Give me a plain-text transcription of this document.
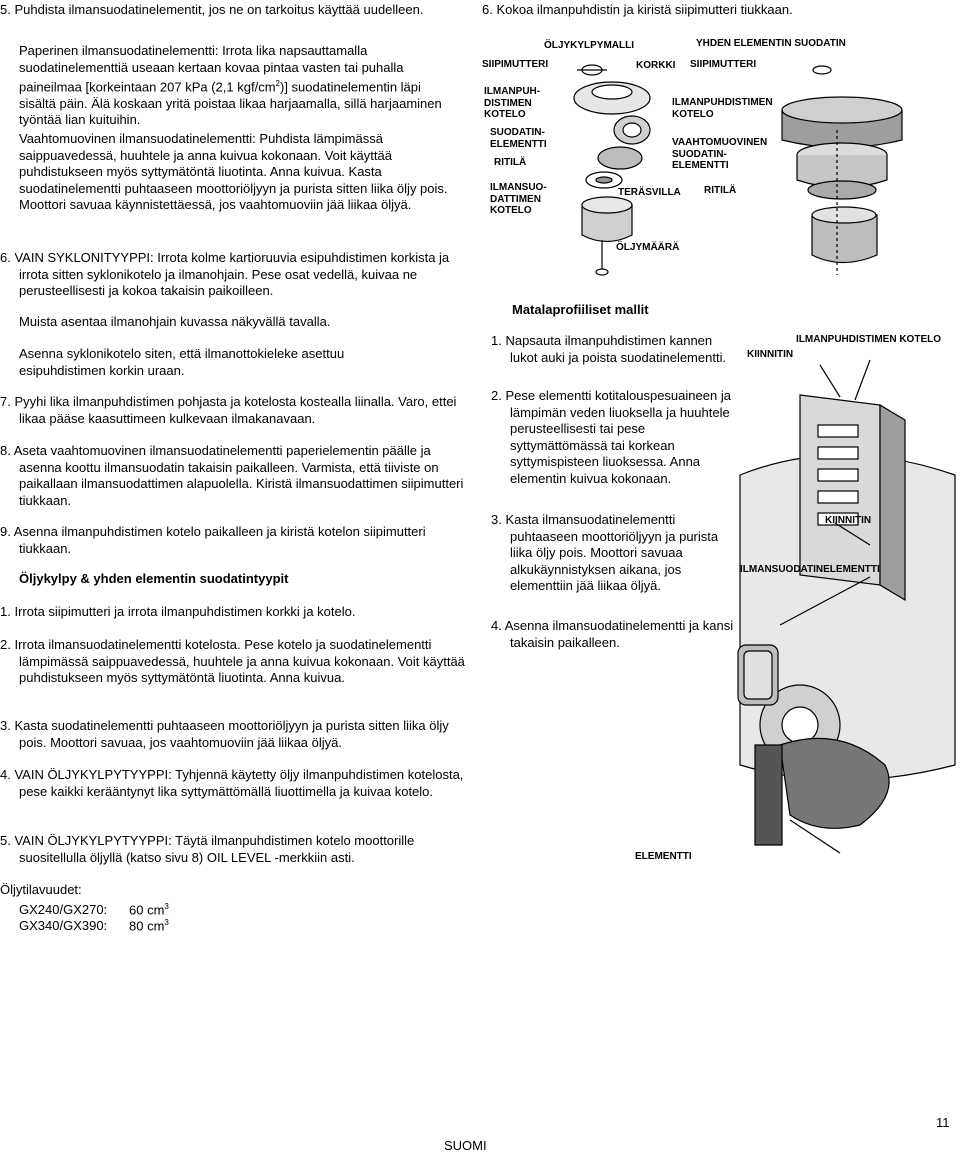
5. Puhdista ilmansuodatinelementit, jos ne on tarkoitus käyttää uudelleen.

Paperinen ilmansuodatinelementti: Irrota lika napsauttamalla suodatinelementtiä useaan kertaan kovaa pintaa vasten tai puhalla paineilmaa [korkeintaan 207 kPa (2,1 kgf/$cm^2$)] suodatinelementin läpi sisältä päin. Älä koskaan yritä poistaa likaa harjaamalla, sillä harjaaminen työntää lian kuituihin.

Vaahtomuovinen ilmansuodatinelementti: Puhdista lämpimässä saippuavedessä, huuhtele ja anna kuivua kokonaan. Voit käyttää puhdistukseen myös syttymätöntä liuotinta. Anna kuivua. Kasta suodatinelementti puhtaaseen moottoriöljyyn ja purista sitten liika öljy pois. Moottori savuaa käynnistettäessä, jos vaahtomuoviin jää liikaa öljyä.

6. VAIN SYKLONITYYPPI: Irrota kolme kartioruuvia esipuhdistimen korkista ja irrota sitten syklonikotelo ja ilmanohjain. Pese osat vedellä, kuivaa ne perusteellisesti ja kokoa takaisin paikoilleen.

Muista asentaa ilmanohjain kuvassa näkyvällä tavalla.

Asenna syklonikotelo siten, että ilmanottokieleke asettuu esipuhdistimen korkin uraan.

7. Pyyhi lika ilmanpuhdistimen pohjasta ja kotelosta kostealla liinalla. Varo, ettei likaa pääse kaasuttimeen kulkevaan ilmakanavaan.

8. Aseta vaahtomuovinen ilmansuodatinelementti paperielementin päälle ja asenna koottu ilmansuodatin takaisin paikalleen. Varmista, että tiiviste on paikallaan ilmansuodattimen alapuolella. Kiristä ilmansuodattimen siipimutteri tiukkaan.

9. Asenna ilmanpuhdistimen kotelo paikalleen ja kiristä kotelon siipimutteri tiukkaan.

Öljykylpy & yhden elementin suodatintyypit

1. Irrota siipimutteri ja irrota ilmanpuhdistimen korkki ja kotelo.

2. Irrota ilmansuodatinelementti kotelosta. Pese kotelo ja suodatinelementti lämpimässä saippuavedessä, huuhtele ja anna kuivua kokonaan. Voit käyttää puhdistukseen myös syttymätöntä liuotinta. Anna kuivua.

3. Kasta suodatinelementti puhtaaseen moottoriöljyyn ja purista sitten liika öljy pois. Moottori savuaa, jos vaahtomuoviin jää liikaa öljyä.

4. VAIN ÖLJYKYLPYTYYPPI: Tyhjennä käytetty öljy ilmanpuhdistimen kotelosta, pese kaikki kerääntynyt lika syttymättömällä liuottimella ja kuivaa kotelo.

5. VAIN ÖLJYKYLPYTYYPPI: Täytä ilmanpuhdistimen kotelo moottorille suositellulla öljyllä (katso sivu 8) OIL LEVEL -merkkiin asti.

Öljytilavuudet:

GX240/GX270: 60 $cm^3$
GX340/GX390: 80 $cm^3$

6. Kokoa ilmanpuhdistin ja kiristä siipimutteri tiukkaan.

ÖLJYKYLPYMALLI	YHDEN ELEMENTIN SUODATIN
SIIPIMUTTERI	KORKKI SIIPIMUTTERI
ILMANPUH-
DISTIMEN
KOTELO
ILMANPUHDISTIMEN
KOTELO
SUODATIN-
ELEMENTTI	VAAHTOMUOVINEN
SUODATIN-
ELEMENTTI
RITILÄ
TERÄSVILLA RITILÄ
ILMANSUO-
DATTIMEN
KOTELO
ÖLJYMÄÄRÄ

Matalaprofiiliset mallit

1. Napsauta ilmanpuhdistimen kannen lukot auki ja poista suodatinelementti.

2. Pese elementti kotitalouspesuaineen ja lämpimän veden liuoksella ja huuhtele perusteellisesti tai pese syttymättömässä tai korkean syttymispisteen liuoksessa. Anna elementin kuivua kokonaan.

3. Kasta ilmansuodatinelementti puhtaaseen moottoriöljyyn ja purista liika öljy pois. Moottori savuaa alkukäynnistyksen aikana, jos elementtiin jää liikaa öljyä.

4. Asenna ilmansuodatinelementti ja kansi takaisin paikalleen.

ILMANPUHDISTIMEN KOTELO
KIINNITIN
KIINNITIN
ILMANSUODATINELEMENTTI
ELEMENTTI

11

SUOMI
